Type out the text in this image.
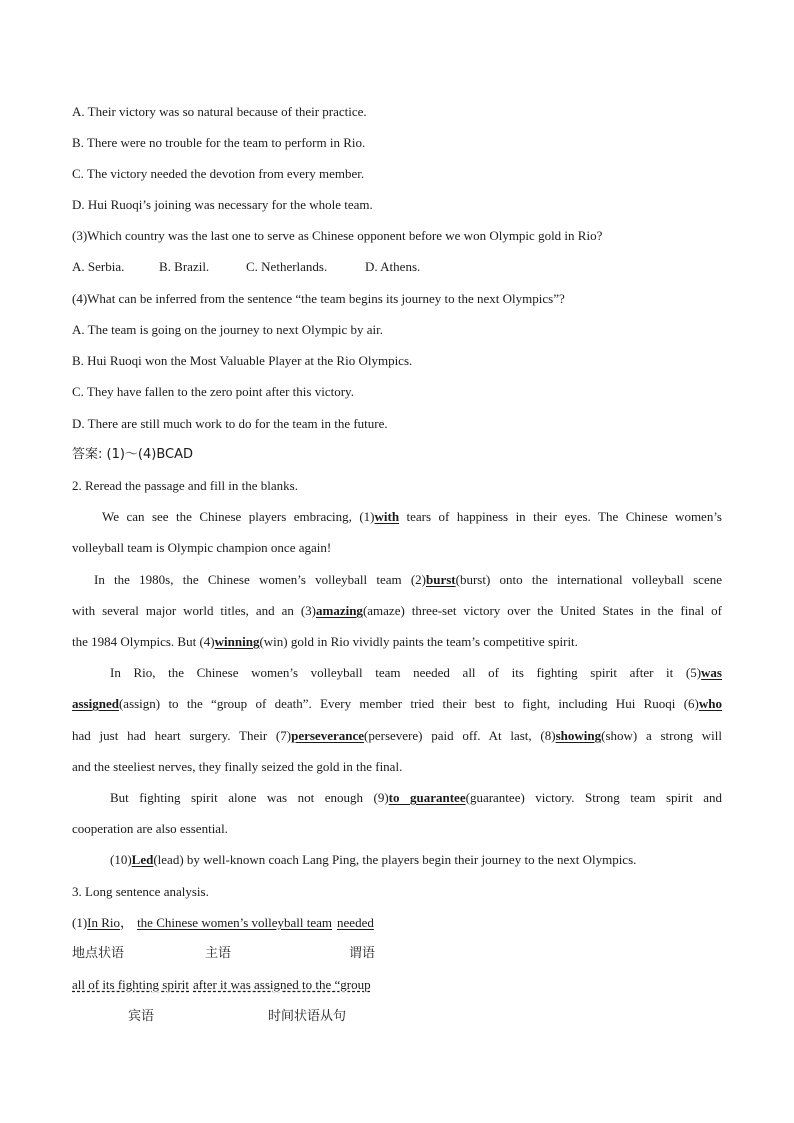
A. Their victory was so natural because of their practice.
B. There were no trouble for the team to perform in Rio.
C. The victory needed the devotion from every member.
D. Hui Ruoqi’s joining was necessary for the whole team.
(3)Which country was the last one to serve as Chinese opponent before we won Olympic gold in Rio?
A. Serbia.	B. Brazil.	C. Netherlands.	D. Athens.
(4)What can be inferred from the sentence “the team begins its journey to the next Olympics”?
A. The team is going on the journey to next Olympic by air.
B. Hui Ruoqi won the Most Valuable Player at the Rio Olympics.
C. They have fallen to the zero point after this victory.
D. There are still much work to do for the team in the future.
答案: (1)～(4)BCAD
2. Reread the passage and fill in the blanks.
We can see the Chinese players embracing, (1)with tears of happiness in their eyes. The Chinese women’s
volleyball team is Olympic champion once again!
In the 1980s, the Chinese women’s volleyball team (2)burst(burst) onto the international volleyball scene
with several major world titles, and an (3)amazing(amaze) three-set victory over the United States in the final of
the 1984 Olympics. But (4)winning(win) gold in Rio vividly paints the team’s competitive spirit.
In Rio, the Chinese women’s volleyball team needed all of its fighting spirit after it (5)was
assigned(assign) to the “group of death”. Every member tried their best to fight, including Hui Ruoqi (6)who
had just had heart surgery. Their (7)perseverance(persevere) paid off. At last, (8)showing(show) a strong will
and the steeliest nerves, they finally seized the gold in the final.
But fighting spirit alone was not enough (9)to guarantee(guarantee) victory. Strong team spirit and
cooperation are also essential.
(10)Led(lead) by well-known coach Lang Ping, the players begin their journey to the next Olympics.
3. Long sentence analysis.
(1)In Rio， the Chinese women’s volleyball team needed
地点状语	主语	谓语
all of its fighting spirit after it was assigned to the “group
宾语	时间状语从句
